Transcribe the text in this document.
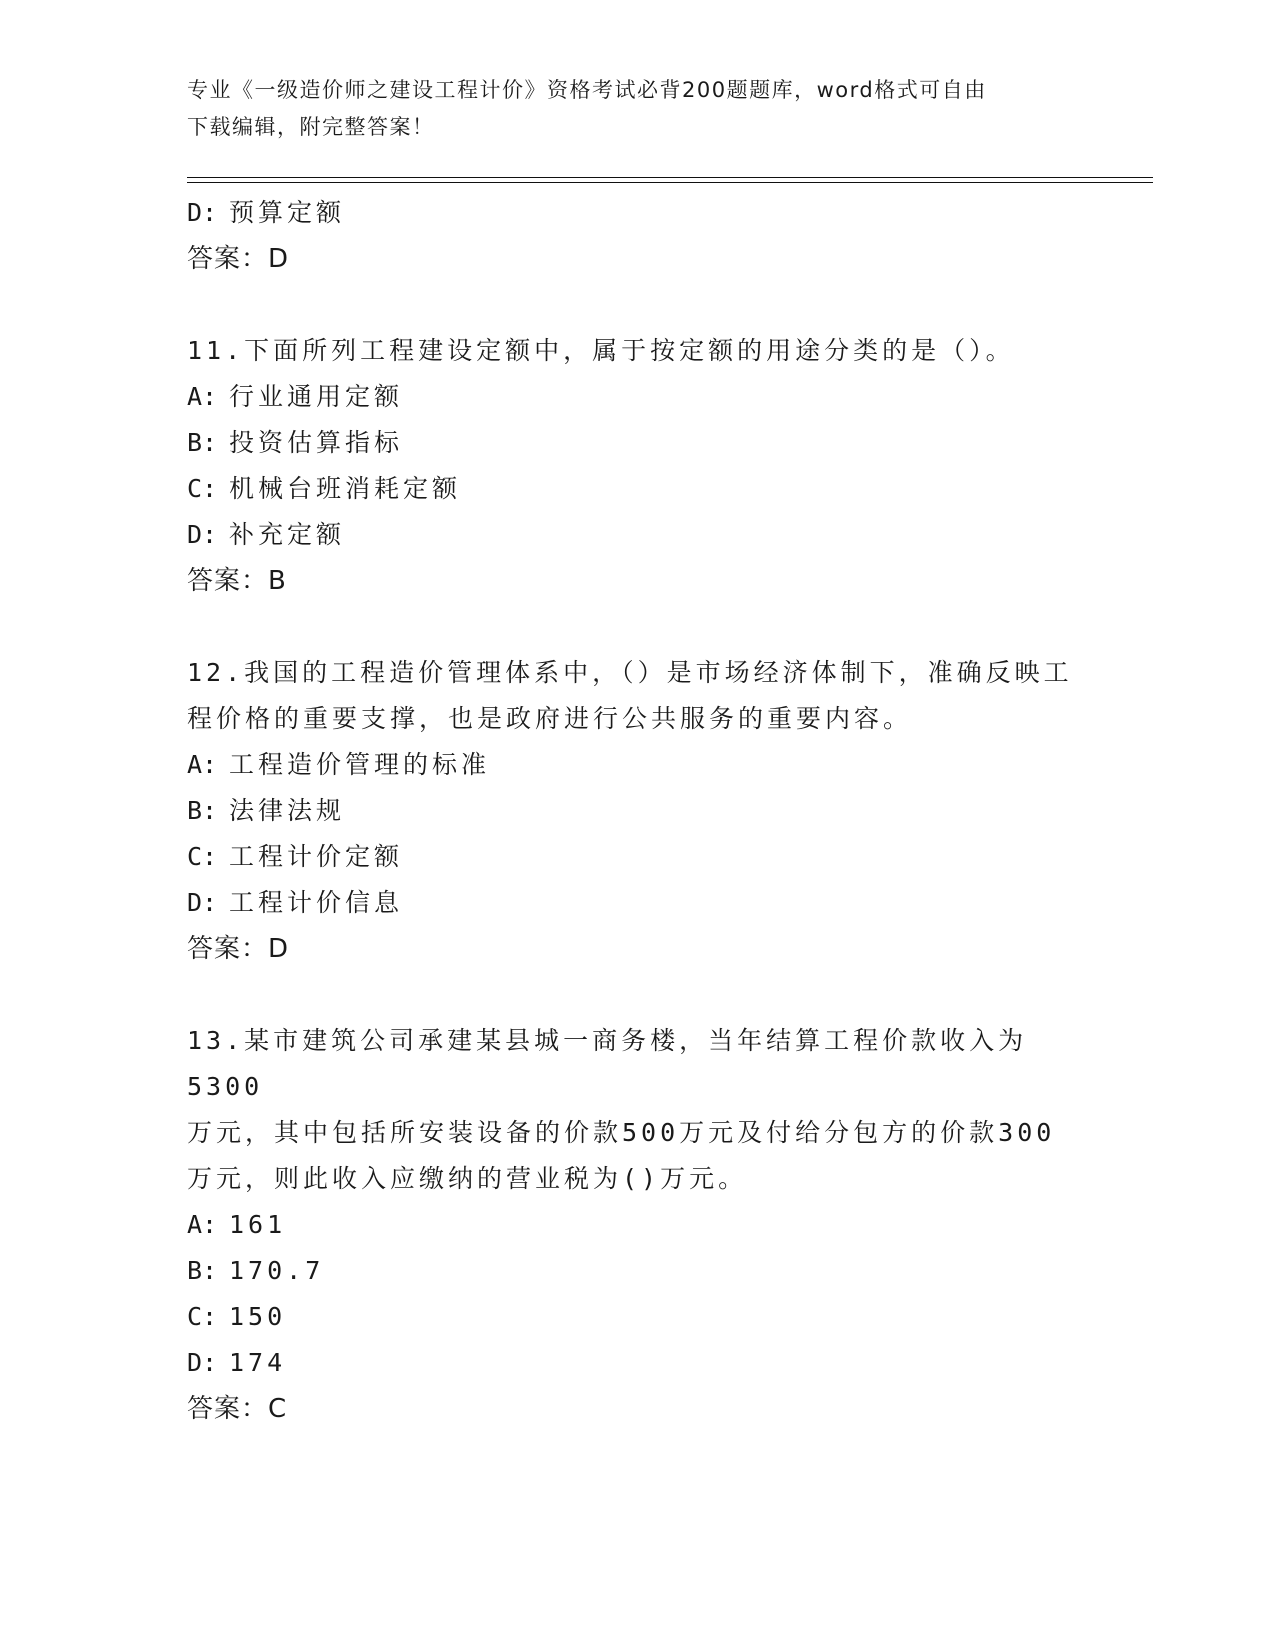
专业《一级造价师之建设工程计价》资格考试必背200题题库，word格式可自由
下载编辑，附完整答案！
D: 预算定额
答案：D
11.下面所列工程建设定额中，属于按定额的用途分类的是（）。
A: 行业通用定额
B: 投资估算指标
C: 机械台班消耗定额
D: 补充定额
答案：B
12.我国的工程造价管理体系中，（）是市场经济体制下，准确反映工
程价格的重要支撑，也是政府进行公共服务的重要内容。
A: 工程造价管理的标准
B: 法律法规
C: 工程计价定额
D: 工程计价信息
答案：D
13.某市建筑公司承建某县城一商务楼，当年结算工程价款收入为5300
万元，其中包括所安装设备的价款500万元及付给分包方的价款300
万元，则此收入应缴纳的营业税为()万元。
A: 161
B: 170.7
C: 150
D: 174
答案：C
